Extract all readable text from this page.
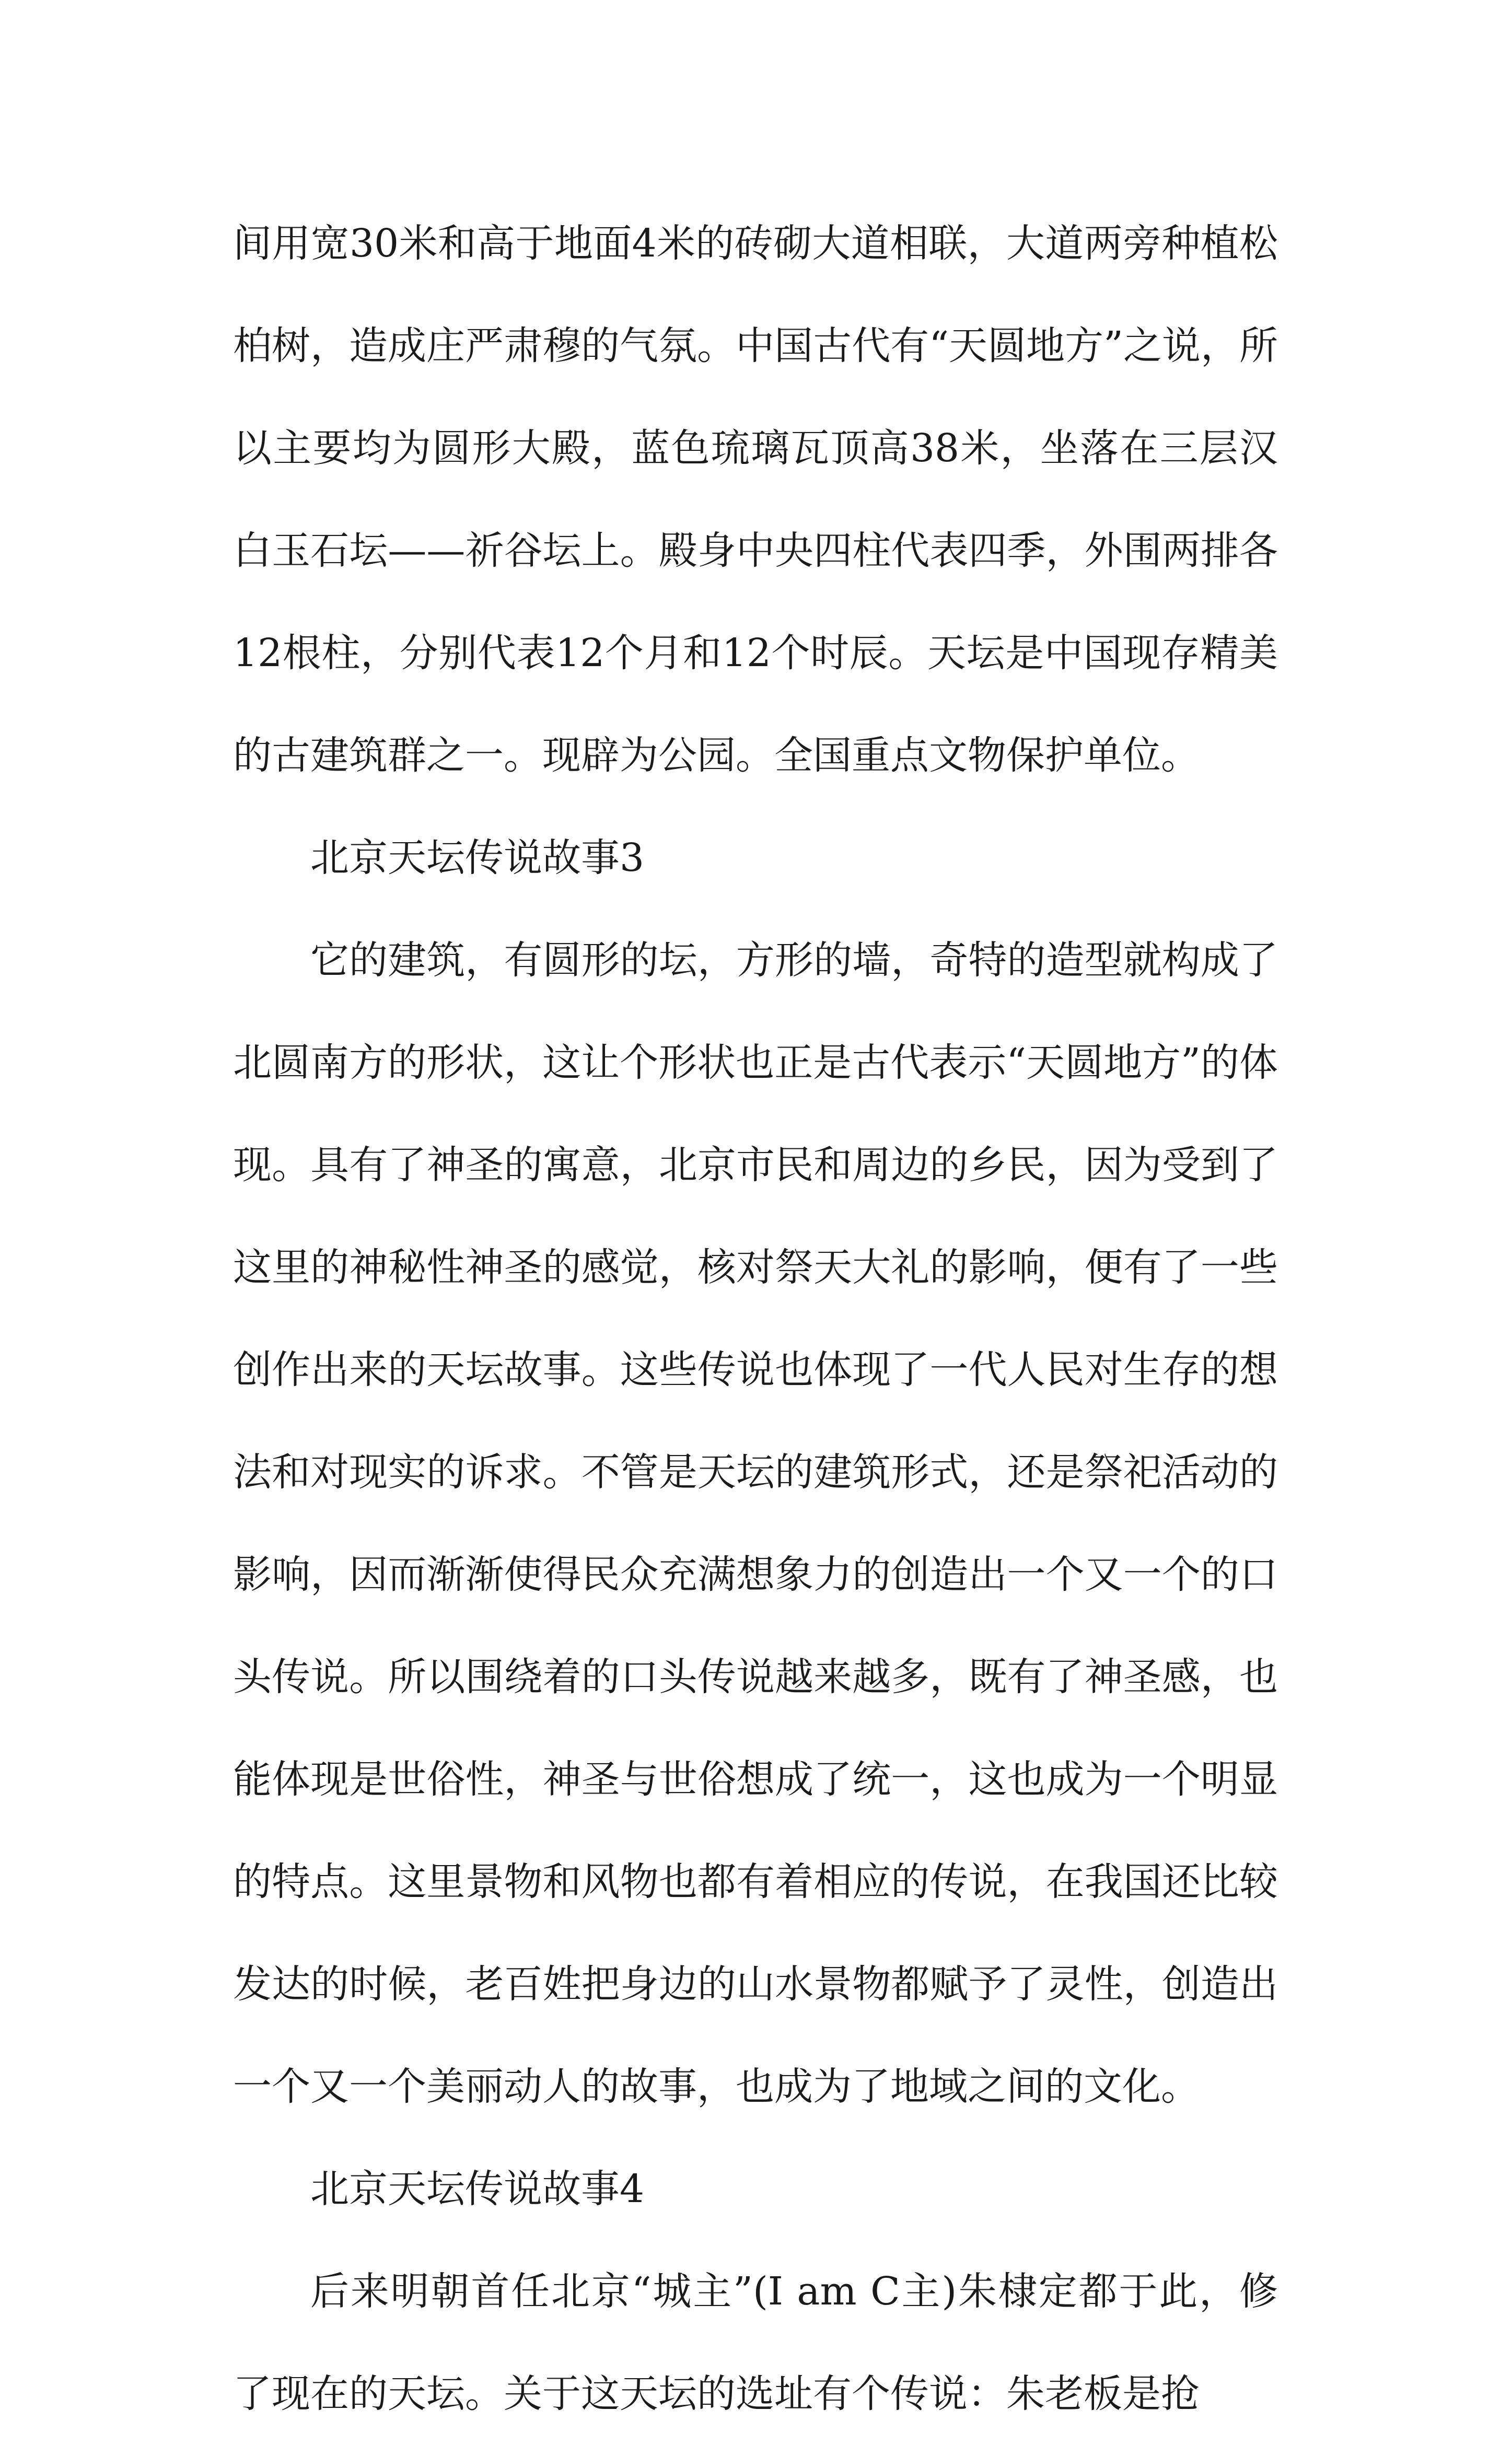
间用宽30米和高于地面4米的砖砌大道相联，大道两旁种植松柏树，造成庄严肃穆的气氛。中国古代有“天圆地方”之说，所以主要均为圆形大殿，蓝色琉璃瓦顶高38米，坐落在三层汉白玉石坛——祈谷坛上。殿身中央四柱代表四季，外围两排各12根柱，分别代表12个月和12个时辰。天坛是中国现存精美的古建筑群之一。现辟为公园。全国重点文物保护单位。

北京天坛传说故事3

它的建筑，有圆形的坛，方形的墙，奇特的造型就构成了北圆南方的形状，这让个形状也正是古代表示“天圆地方”的体现。具有了神圣的寓意，北京市民和周边的乡民，因为受到了这里的神秘性神圣的感觉，核对祭天大礼的影响，便有了一些创作出来的天坛故事。这些传说也体现了一代人民对生存的想法和对现实的诉求。不管是天坛的建筑形式，还是祭祀活动的影响，因而渐渐使得民众充满想象力的创造出一个又一个的口头传说。所以围绕着的口头传说越来越多，既有了神圣感，也能体现是世俗性，神圣与世俗想成了统一，这也成为一个明显的特点。这里景物和风物也都有着相应的传说，在我国还比较发达的时候，老百姓把身边的山水景物都赋予了灵性，创造出一个又一个美丽动人的故事，也成为了地域之间的文化。

北京天坛传说故事4

后来明朝首任北京“城主”(I am C主)朱棣定都于此，修了现在的天坛。关于这天坛的选址有个传说：朱老板是抢
